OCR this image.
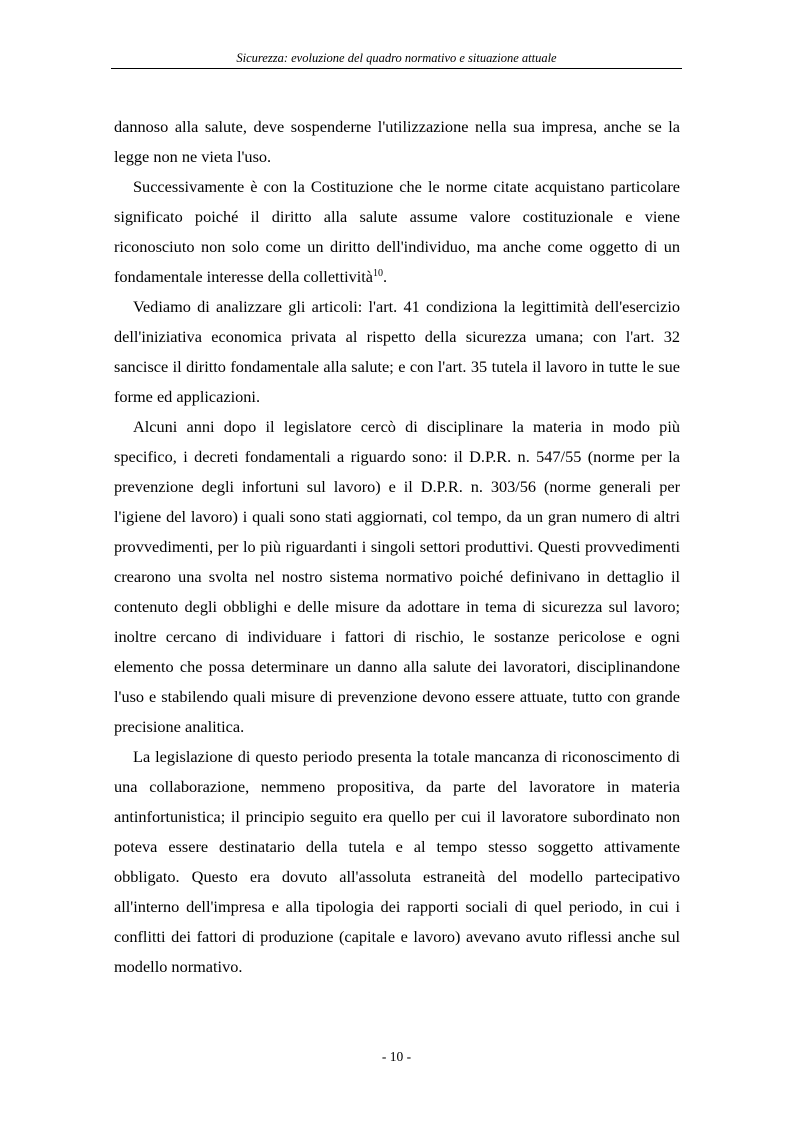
Sicurezza: evoluzione del quadro normativo e situazione attuale

dannoso alla salute, deve sospenderne l'utilizzazione nella sua impresa, anche se la legge non ne vieta l'uso.

Successivamente è con la Costituzione che le norme citate acquistano particolare significato poiché il diritto alla salute assume valore costituzionale e viene riconosciuto non solo come un diritto dell'individuo, ma anche come oggetto di un fondamentale interesse della collettività$^{10}$.

Vediamo di analizzare gli articoli: l'art. 41 condiziona la legittimità dell'esercizio dell'iniziativa economica privata al rispetto della sicurezza umana; con l'art. 32 sancisce il diritto fondamentale alla salute; e con l'art. 35 tutela il lavoro in tutte le sue forme ed applicazioni.

Alcuni anni dopo il legislatore cercò di disciplinare la materia in modo più specifico, i decreti fondamentali a riguardo sono: il D.P.R. n. 547/55 (norme per la prevenzione degli infortuni sul lavoro) e il D.P.R. n. 303/56 (norme generali per l'igiene del lavoro) i quali sono stati aggiornati, col tempo, da un gran numero di altri provvedimenti, per lo più riguardanti i singoli settori produttivi. Questi provvedimenti crearono una svolta nel nostro sistema normativo poiché definivano in dettaglio il contenuto degli obblighi e delle misure da adottare in tema di sicurezza sul lavoro; inoltre cercano di individuare i fattori di rischio, le sostanze pericolose e ogni elemento che possa determinare un danno alla salute dei lavoratori, disciplinandone l'uso e stabilendo quali misure di prevenzione devono essere attuate, tutto con grande precisione analitica.

La legislazione di questo periodo presenta la totale mancanza di riconoscimento di una collaborazione, nemmeno propositiva, da parte del lavoratore in materia antinfortunistica; il principio seguito era quello per cui il lavoratore subordinato non poteva essere destinatario della tutela e al tempo stesso soggetto attivamente obbligato. Questo era dovuto all'assoluta estraneità del modello partecipativo all'interno dell'impresa e alla tipologia dei rapporti sociali di quel periodo, in cui i conflitti dei fattori di produzione (capitale e lavoro) avevano avuto riflessi anche sul modello normativo.

- 10 -
